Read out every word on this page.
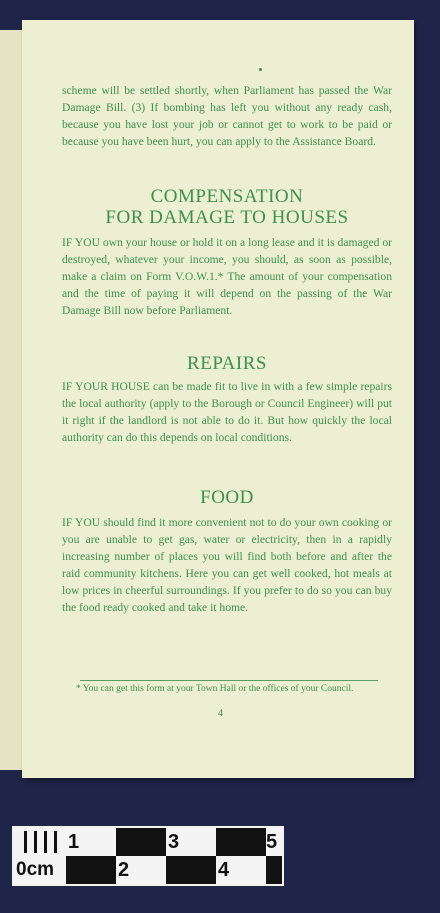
scheme will be settled shortly, when Parliament has passed the War Damage Bill. (3) If bombing has left you without any ready cash, because you have lost your job or cannot get to work to be paid or because you have been hurt, you can apply to the Assistance Board.
COMPENSATION
FOR DAMAGE TO HOUSES
IF YOU own your house or hold it on a long lease and it is damaged or destroyed, whatever your income, you should, as soon as possible, make a claim on Form V.O.W.1.* The amount of your compensation and the time of paying it will depend on the passing of the War Damage Bill now before Parliament.
REPAIRS
IF YOUR HOUSE can be made fit to live in with a few simple repairs the local authority (apply to the Borough or Council Engineer) will put it right if the landlord is not able to do it. But how quickly the local authority can do this depends on local conditions.
FOOD
IF YOU should find it more convenient not to do your own cooking or you are unable to get gas, water or electricity, then in a rapidly increasing number of places you will find both before and after the raid community kitchens. Here you can get well cooked, hot meals at low prices in cheerful surroundings. If you prefer to do so you can buy the food ready cooked and take it home.
* You can get this form at your Town Hall or the offices of your Council.
4
1	3	5
0cm	2	4
